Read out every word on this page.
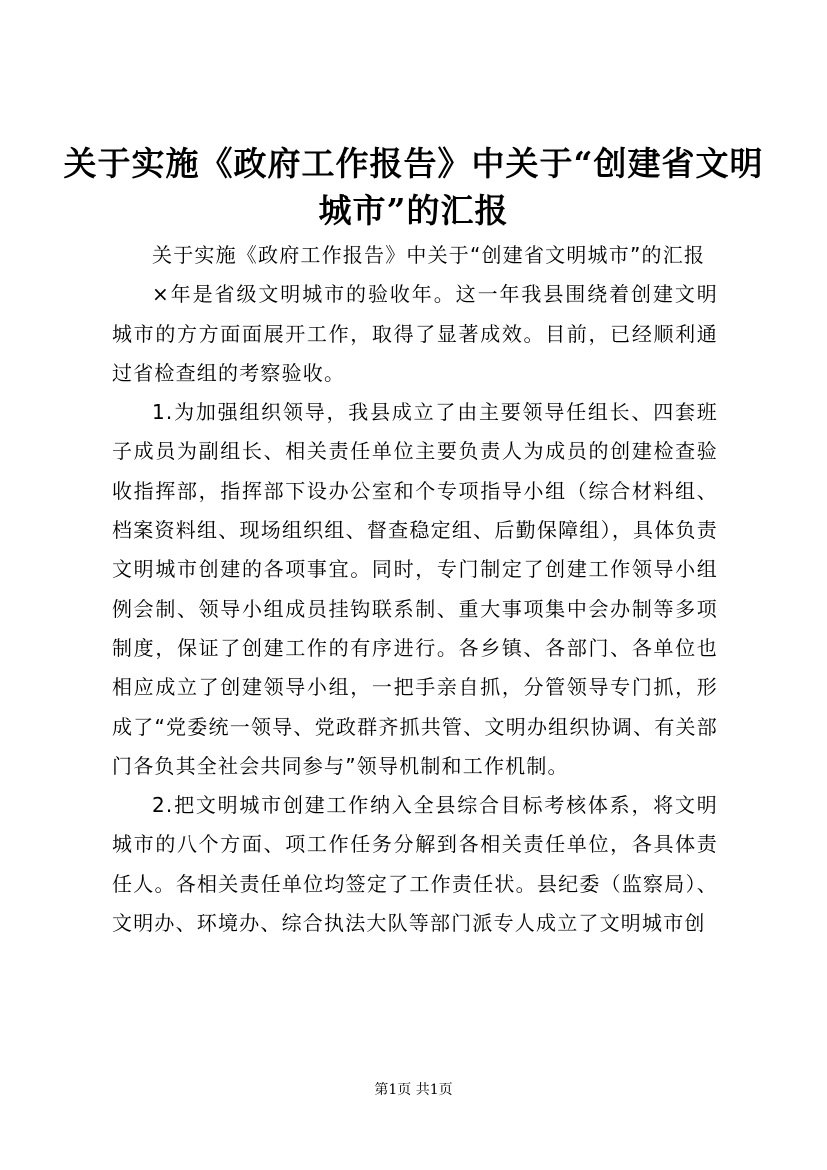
关于实施《政府工作报告》中关于“创建省文明城市”的汇报

关于实施《政府工作报告》中关于“创建省文明城市”的汇报

×年是省级文明城市的验收年。这一年我县围绕着创建文明城市的方方面面展开工作，取得了显著成效。目前，已经顺利通过省检查组的考察验收。

1.为加强组织领导，我县成立了由主要领导任组长、四套班子成员为副组长、相关责任单位主要负责人为成员的创建检查验收指挥部，指挥部下设办公室和个专项指导小组（综合材料组、档案资料组、现场组织组、督查稳定组、后勤保障组），具体负责文明城市创建的各项事宜。同时，专门制定了创建工作领导小组例会制、领导小组成员挂钩联系制、重大事项集中会办制等多项制度，保证了创建工作的有序进行。各乡镇、各部门、各单位也相应成立了创建领导小组，一把手亲自抓，分管领导专门抓，形成了“党委统一领导、党政群齐抓共管、文明办组织协调、有关部门各负其全社会共同参与”领导机制和工作机制。

2.把文明城市创建工作纳入全县综合目标考核体系，将文明城市的八个方面、项工作任务分解到各相关责任单位，各具体责任人。各相关责任单位均签定了工作责任状。县纪委（监察局）、文明办、环境办、综合执法大队等部门派专人成立了文明城市创

第1页 共1页
